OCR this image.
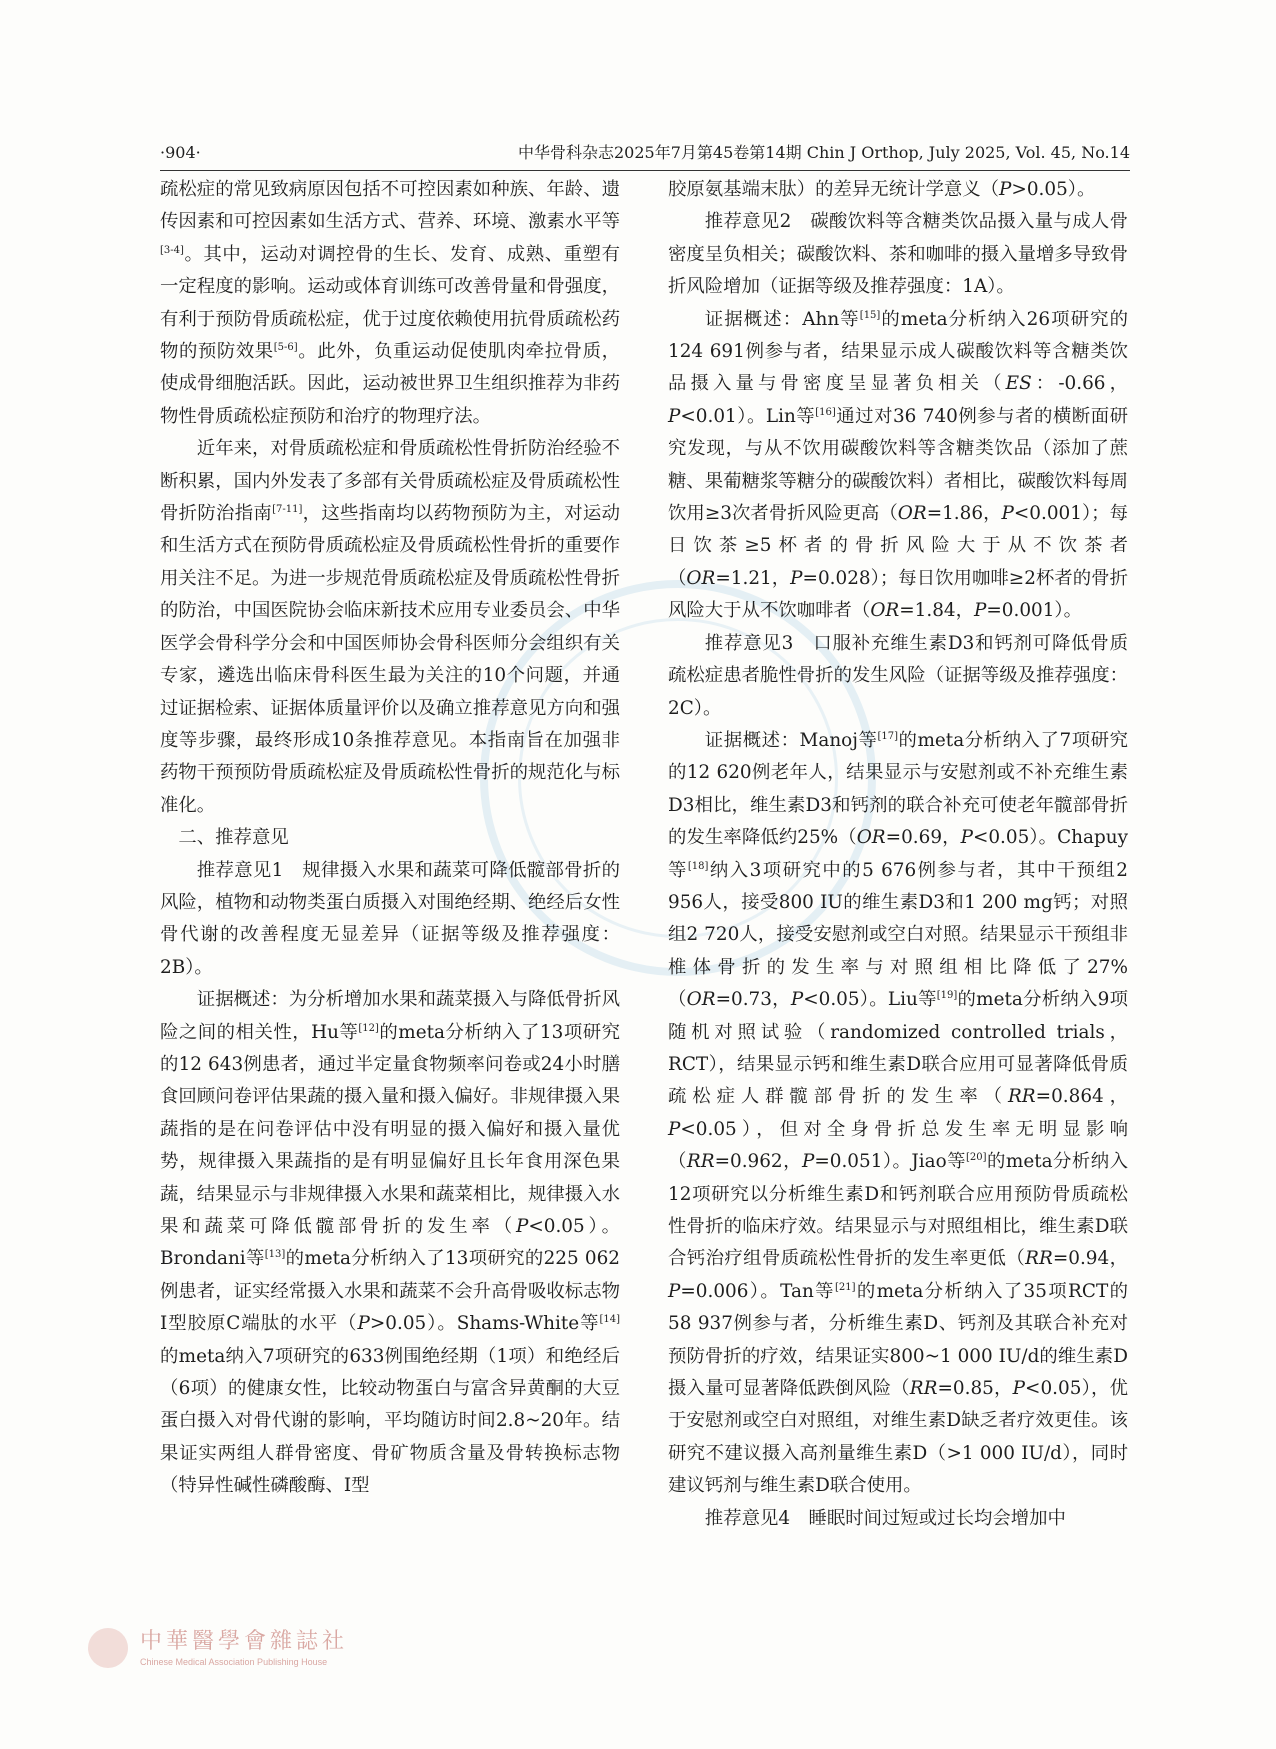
·904·	中华骨科杂志2025年7月第45卷第14期 Chin J Orthop, July 2025, Vol. 45, No.14

疏松症的常见致病原因包括不可控因素如种族、年龄、遗传因素和可控因素如生活方式、营养、环境、激素水平等[3-4]。其中，运动对调控骨的生长、发育、成熟、重塑有一定程度的影响。运动或体育训练可改善骨量和骨强度，有利于预防骨质疏松症，优于过度依赖使用抗骨质疏松药物的预防效果[5-6]。此外，负重运动促使肌肉牵拉骨质，使成骨细胞活跃。因此，运动被世界卫生组织推荐为非药物性骨质疏松症预防和治疗的物理疗法。

近年来，对骨质疏松症和骨质疏松性骨折防治经验不断积累，国内外发表了多部有关骨质疏松症及骨质疏松性骨折防治指南[7-11]，这些指南均以药物预防为主，对运动和生活方式在预防骨质疏松症及骨质疏松性骨折的重要作用关注不足。为进一步规范骨质疏松症及骨质疏松性骨折的防治，中国医院协会临床新技术应用专业委员会、中华医学会骨科学分会和中国医师协会骨科医师分会组织有关专家，遴选出临床骨科医生最为关注的10个问题，并通过证据检索、证据体质量评价以及确立推荐意见方向和强度等步骤，最终形成10条推荐意见。本指南旨在加强非药物干预预防骨质疏松症及骨质疏松性骨折的规范化与标准化。

二、推荐意见

推荐意见1　规律摄入水果和蔬菜可降低髋部骨折的风险，植物和动物类蛋白质摄入对围绝经期、绝经后女性骨代谢的改善程度无显差异（证据等级及推荐强度：2B）。

证据概述：为分析增加水果和蔬菜摄入与降低骨折风险之间的相关性，Hu等[12]的meta分析纳入了13项研究的12 643例患者，通过半定量食物频率问卷或24小时膳食回顾问卷评估果蔬的摄入量和摄入偏好。非规律摄入果蔬指的是在问卷评估中没有明显的摄入偏好和摄入量优势，规律摄入果蔬指的是有明显偏好且长年食用深色果蔬，结果显示与非规律摄入水果和蔬菜相比，规律摄入水果和蔬菜可降低髋部骨折的发生率（P<0.05）。Brondani等[13]的meta分析纳入了13项研究的225 062例患者，证实经常摄入水果和蔬菜不会升高骨吸收标志物Ⅰ型胶原C端肽的水平（P>0.05）。Shams-White等[14]的meta纳入7项研究的633例围绝经期（1项）和绝经后（6项）的健康女性，比较动物蛋白与富含异黄酮的大豆蛋白摄入对骨代谢的影响，平均随访时间2.8~20年。结果证实两组人群骨密度、骨矿物质含量及骨转换标志物（特异性碱性磷酸酶、Ⅰ型

胶原氨基端末肽）的差异无统计学意义（P>0.05）。

推荐意见2　碳酸饮料等含糖类饮品摄入量与成人骨密度呈负相关；碳酸饮料、茶和咖啡的摄入量增多导致骨折风险增加（证据等级及推荐强度：1A）。

证据概述：Ahn等[15]的meta分析纳入26项研究的124 691例参与者，结果显示成人碳酸饮料等含糖类饮品摄入量与骨密度呈显著负相关（ES：-0.66，P<0.01）。Lin等[16]通过对36 740例参与者的横断面研究发现，与从不饮用碳酸饮料等含糖类饮品（添加了蔗糖、果葡糖浆等糖分的碳酸饮料）者相比，碳酸饮料每周饮用≥3次者骨折风险更高（OR=1.86，P<0.001）；每日饮茶≥5杯者的骨折风险大于从不饮茶者（OR=1.21，P=0.028）；每日饮用咖啡≥2杯者的骨折风险大于从不饮咖啡者（OR=1.84，P=0.001）。

推荐意见3　口服补充维生素D3和钙剂可降低骨质疏松症患者脆性骨折的发生风险（证据等级及推荐强度：2C）。

证据概述：Manoj等[17]的meta分析纳入了7项研究的12 620例老年人，结果显示与安慰剂或不补充维生素D3相比，维生素D3和钙剂的联合补充可使老年髋部骨折的发生率降低约25%（OR=0.69，P<0.05）。Chapuy等[18]纳入3项研究中的5 676例参与者，其中干预组2 956人，接受800 IU的维生素D3和1 200 mg钙；对照组2 720人，接受安慰剂或空白对照。结果显示干预组非椎体骨折的发生率与对照组相比降低了27%（OR=0.73，P<0.05）。Liu等[19]的meta分析纳入9项随机对照试验（randomized controlled trials，RCT），结果显示钙和维生素D联合应用可显著降低骨质疏松症人群髋部骨折的发生率（RR=0.864，P<0.05），但对全身骨折总发生率无明显影响（RR=0.962，P=0.051）。Jiao等[20]的meta分析纳入12项研究以分析维生素D和钙剂联合应用预防骨质疏松性骨折的临床疗效。结果显示与对照组相比，维生素D联合钙治疗组骨质疏松性骨折的发生率更低（RR=0.94，P=0.006）。Tan等[21]的meta分析纳入了35项RCT的58 937例参与者，分析维生素D、钙剂及其联合补充对预防骨折的疗效，结果证实800~1 000 IU/d的维生素D摄入量可显著降低跌倒风险（RR=0.85，P<0.05），优于安慰剂或空白对照组，对维生素D缺乏者疗效更佳。该研究不建议摄入高剂量维生素D（>1 000 IU/d），同时建议钙剂与维生素D联合使用。

推荐意见4　睡眠时间过短或过长均会增加中

中華醫學會雜誌社
Chinese Medical Association Publishing House
